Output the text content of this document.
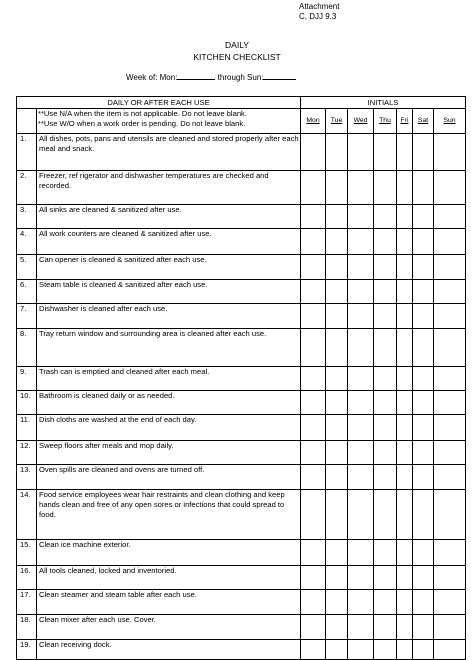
Attachment
C, DJJ 9.3
DAILY
KITCHEN CHECKLIST
Week of: Mon:	through Sun:
DAILY OR AFTER EACH USE		INITIALS						

	**Use N/A when the item is not applicable. Do not leave blank.
**Use W/O when a work order is pending. Do not leave blank.	Mon	Tue	Wed	Thu	Fri	Sat	Sun
1.	All dishes, pots, pans and utensils are cleaned and stored properly after each meal and snack.							
2.	Freezer, ref rigerator and dishwasher temperatures are checked and recorded.							
3.	All sinks are cleaned & sanitized after use.							
4.	All work counters are cleaned & sanitized after use.							
5.	Can opener is cleaned & sanitized after each use.							
6.	Steam table is cleaned & sanitized after each use.							
7.	Dishwasher is cleaned after each use.							
8.	Tray return window and surrounding area is cleaned after each use.							
9.	Trash can is emptied and cleaned after each meal.							
10.	Bathroom is cleaned daily or as needed.							
11.	Dish cloths are washed at the end of each day.							
12.	Sweep floors after meals and mop daily.							
13.	Oven spills are cleaned and ovens are turned off.							
14.	Food service employees wear hair restraints and clean clothing and keep hands clean and free of any open sores or infections that could spread to food.							
15.	Clean ice machine exterior.							
16.	All tools cleaned, locked and inventoried.							
17.	Clean steamer and steam table after each use.							
18.	Clean mixer after each use. Cover.							
19.	Clean receiving dock.							
